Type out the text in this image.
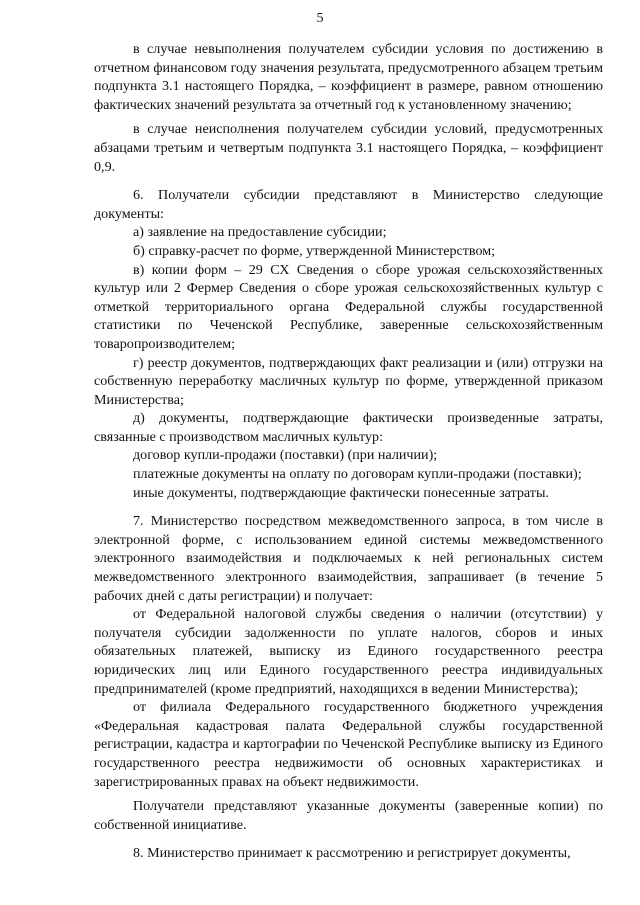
5

в случае невыполнения получателем субсидии условия по достижению в отчетном финансовом году значения результата, предусмотренного абзацем третьим подпункта 3.1 настоящего Порядка, – коэффициент в размере, равном отношению фактических значений результата за отчетный год к установленному значению;

в случае неисполнения получателем субсидии условий, предусмотренных абзацами третьим и четвертым подпункта 3.1 настоящего Порядка, – коэффициент 0,9.

6. Получатели субсидии представляют в Министерство следующие документы:

а) заявление на предоставление субсидии;

б) справку-расчет по форме, утвержденной Министерством;

в) копии форм – 29 СХ Сведения о сборе урожая сельскохозяйственных культур или 2 Фермер Сведения о сборе урожая сельскохозяйственных культур с отметкой территориального органа Федеральной службы государственной статистики по Чеченской Республике, заверенные сельскохозяйственным товаропроизводителем;

г) реестр документов, подтверждающих факт реализации и (или) отгрузки на собственную переработку масличных культур по форме, утвержденной приказом Министерства;

д) документы, подтверждающие фактически произведенные затраты, связанные с производством масличных культур:

договор купли-продажи (поставки) (при наличии);

платежные документы на оплату по договорам купли-продажи (поставки);

иные документы, подтверждающие фактически понесенные затраты.

7. Министерство посредством межведомственного запроса, в том числе в электронной форме, с использованием единой системы межведомственного электронного взаимодействия и подключаемых к ней региональных систем межведомственного электронного взаимодействия, запрашивает (в течение 5 рабочих дней с даты регистрации) и получает:

от Федеральной налоговой службы сведения о наличии (отсутствии) у получателя субсидии задолженности по уплате налогов, сборов и иных обязательных платежей, выписку из Единого государственного реестра юридических лиц или Единого государственного реестра индивидуальных предпринимателей (кроме предприятий, находящихся в ведении Министерства);

от филиала Федерального государственного бюджетного учреждения «Федеральная кадастровая палата Федеральной службы государственной регистрации, кадастра и картографии по Чеченской Республике выписку из Единого государственного реестра недвижимости об основных характеристиках и зарегистрированных правах на объект недвижимости.

Получатели представляют указанные документы (заверенные копии) по собственной инициативе.

8. Министерство принимает к рассмотрению и регистрирует документы,
